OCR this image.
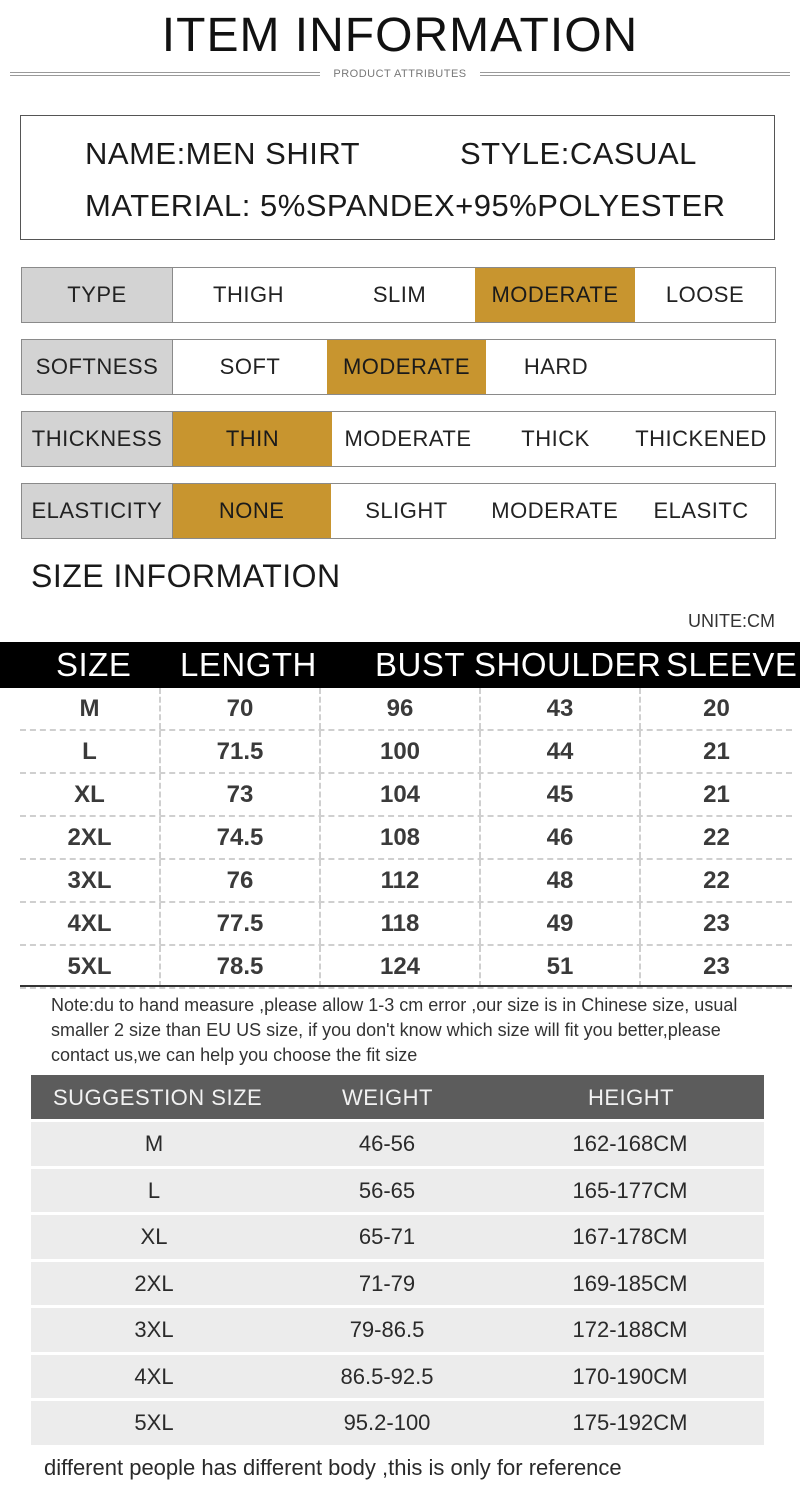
ITEM INFORMATION
PRODUCT ATTRIBUTES
NAME:MEN SHIRT	STYLE:CASUAL
MATERIAL: 5%SPANDEX+95%POLYESTER
TYPE	THIGH	SLIM	MODERATE	LOOSE
SOFTNESS	SOFT	MODERATE	HARD
THICKNESS	THIN	MODERATE	THICK	THICKENED
ELASTICITY	NONE	SLIGHT	MODERATE	ELASITC
SIZE INFORMATION
UNITE:CM
SIZE LENGTH BUST SHOULDER SLEEVE
M	70	96	43	20
L	71.5	100	44	21
XL	73	104	45	21
2XL	74.5	108	46	22
3XL	76	112	48	22
4XL	77.5	118	49	23
5XL	78.5	124	51	23
Note:du to hand measure ,please allow 1-3 cm error ,our size is in Chinese size, usual smaller 2 size than EU US size, if you don't know which size will fit you better,please contact us,we can help you choose the fit size
SUGGESTION SIZE	WEIGHT	HEIGHT
M	46-56	162-168CM
L	56-65	165-177CM
XL	65-71	167-178CM
2XL	71-79	169-185CM
3XL	79-86.5	172-188CM
4XL	86.5-92.5	170-190CM
5XL	95.2-100	175-192CM
different people has different body ,this is only for reference
